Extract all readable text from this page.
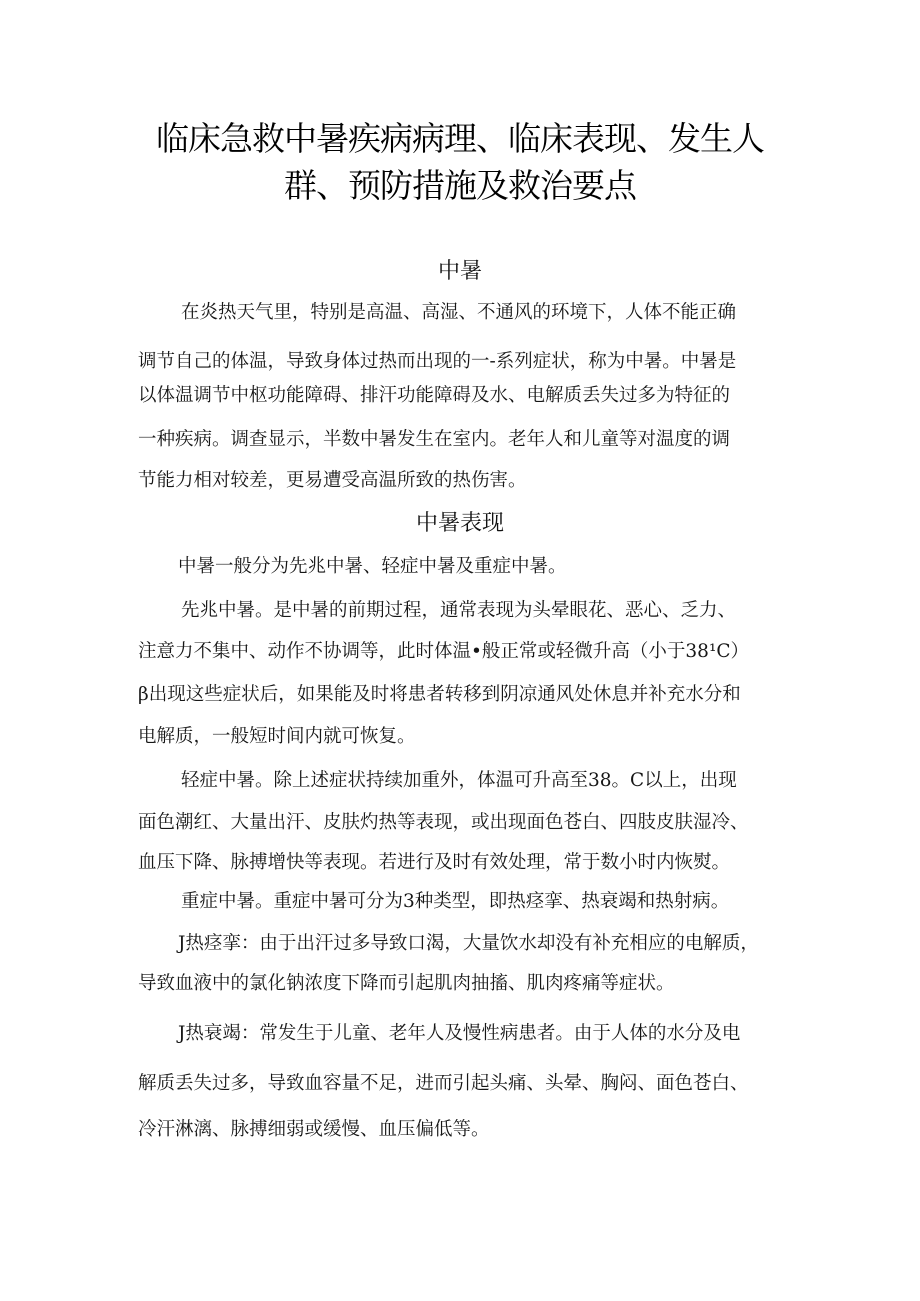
临床急救中暑疾病病理、临床表现、发生人
群、预防措施及救治要点
中暑
在炎热天气里，特别是高温、高湿、不通风的环境下，人体不能正确
调节自己的体温，导致身体过热而出现的一-系列症状，称为中暑。中暑是
以体温调节中枢功能障碍、排汗功能障碍及水、电解质丢失过多为特征的
一种疾病。调查显示，半数中暑发生在室内。老年人和儿童等对温度的调
节能力相对较差，更易遭受高温所致的热伤害。
中暑表现
中暑一般分为先兆中暑、轻症中暑及重症中暑。
先兆中暑。是中暑的前期过程，通常表现为头晕眼花、恶心、乏力、
注意力不集中、动作不协调等，此时体温•般正常或轻微升高（小于38¹C）
β出现这些症状后，如果能及时将患者转移到阴凉通风处休息并补充水分和
电解质，一般短时间内就可恢复。
轻症中暑。除上述症状持续加重外，体温可升高至38。C以上，出现
面色潮红、大量出汗、皮肤灼热等表现，或出现面色苍白、四肢皮肤湿冷、
血压下降、脉搏增快等表现。若进行及时有效处理，常于数小时内恢熨。
重症中暑。重症中暑可分为3种类型，即热痉挛、热衰竭和热射病。
J热痉挛：由于出汗过多导致口渴，大量饮水却没有补充相应的电解质，
导致血液中的氯化钠浓度下降而引起肌肉抽搐、肌肉疼痛等症状。
J热衰竭：常发生于儿童、老年人及慢性病患者。由于人体的水分及电
解质丢失过多，导致血容量不足，进而引起头痛、头晕、胸闷、面色苍白、
冷汗淋漓、脉搏细弱或缓慢、血压偏低等。
